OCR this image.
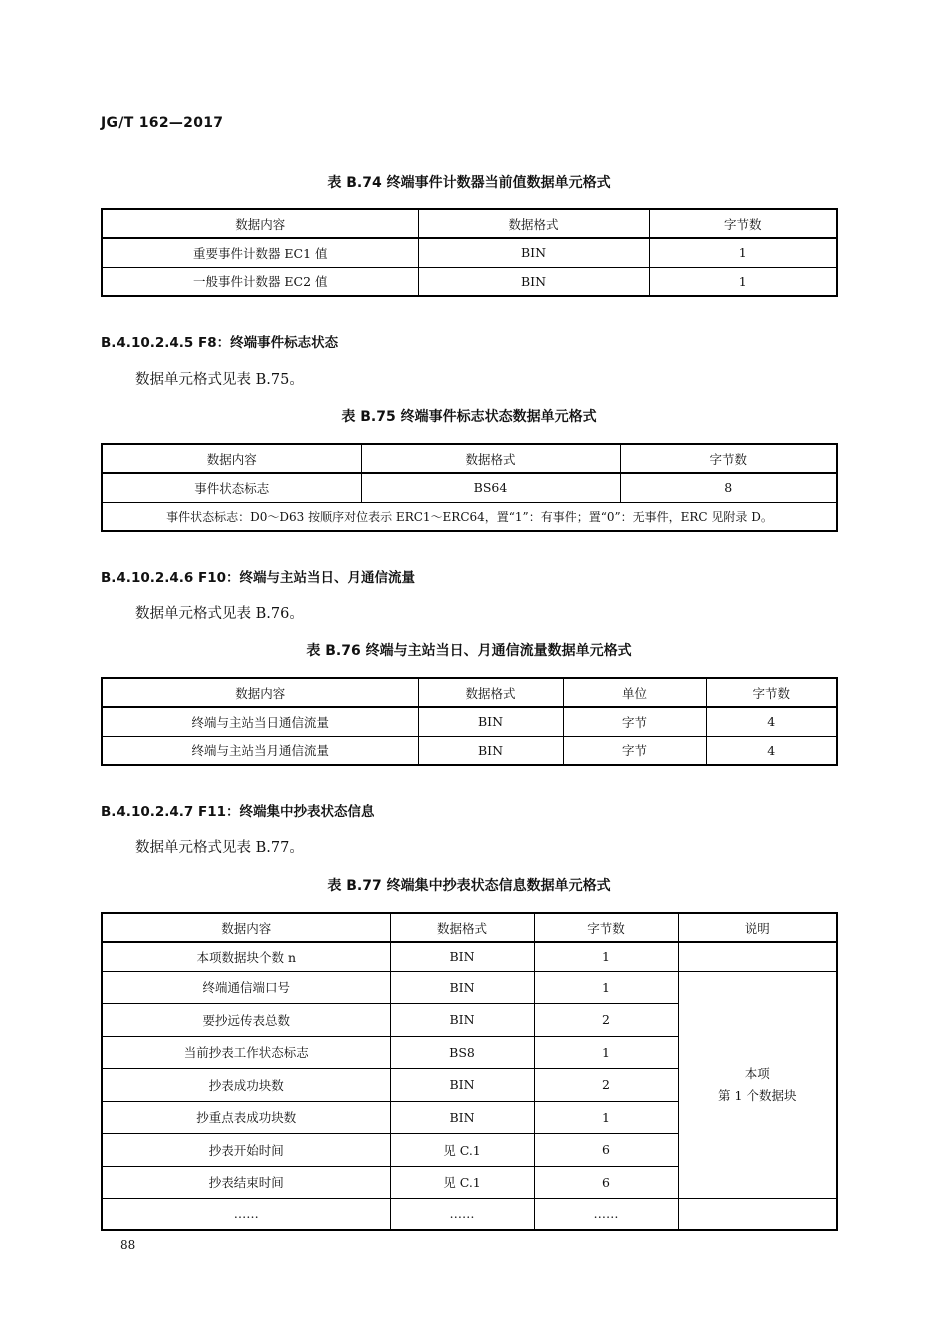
JG/T 162—2017
表 B.74 终端事件计数器当前值数据单元格式
数据内容	数据格式	字节数
重要事件计数器 EC1 值	BIN	1
一般事件计数器 EC2 值	BIN	1
B.4.10.2.4.5 F8：终端事件标志状态
数据单元格式见表 B.75。
表 B.75 终端事件标志状态数据单元格式
数据内容	数据格式	字节数
事件状态标志	BS64	8
事件状态标志：D0～D63 按顺序对位表示 ERC1～ERC64，置“1”：有事件；置“0”：无事件，ERC 见附录 D。		
B.4.10.2.4.6 F10：终端与主站当日、月通信流量
数据单元格式见表 B.76。
表 B.76 终端与主站当日、月通信流量数据单元格式
数据内容	数据格式	单位	字节数
终端与主站当日通信流量	BIN	字节	4
终端与主站当月通信流量	BIN	字节	4
B.4.10.2.4.7 F11：终端集中抄表状态信息
数据单元格式见表 B.77。
表 B.77 终端集中抄表状态信息数据单元格式
数据内容	数据格式	字节数	说明
本项数据块个数 n	BIN	1	
终端通信端口号	BIN	1	本项
第 1 个数据块

要抄远传表总数	BIN	2	
当前抄表工作状态标志	BS8	1	
抄表成功块数	BIN	2	
抄重点表成功块数	BIN	1	
抄表开始时间	见 C.1	6	
抄表结束时间	见 C.1	6	
……	……	……	
88
